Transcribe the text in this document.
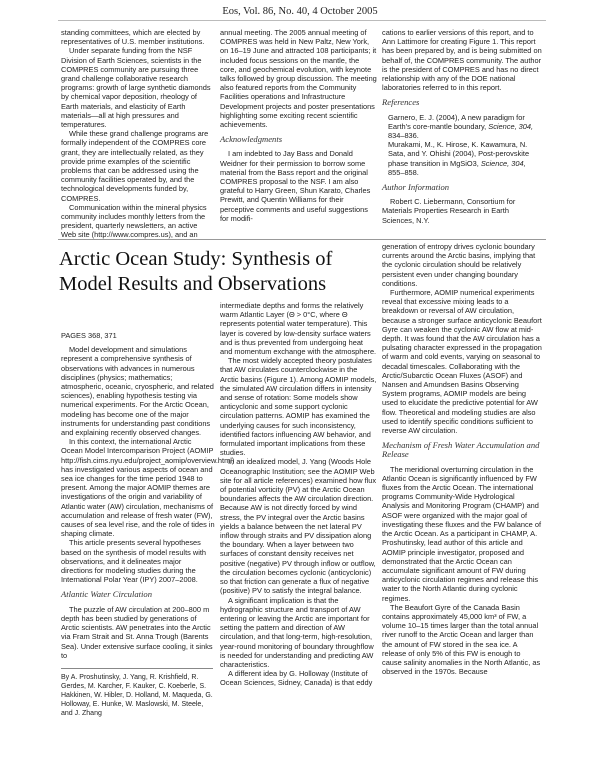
Eos, Vol. 86, No. 40, 4 October 2005

standing committees, which are elected by representatives of U.S. member institutions.

Under separate funding from the NSF Division of Earth Sciences, scientists in the COMPRES community are pursuing three grand challenge collaborative research programs: growth of large synthetic diamonds by chemical vapor deposition, rheology of Earth materials, and elasticity of Earth materials—all at high pressures and temperatures.

While these grand challenge programs are formally independent of the COMPRES core grant, they are intellectually related, as they provide prime examples of the scientific problems that can be addressed using the community facilities operated by, and the technological developments funded by, COMPRES.

Communication within the mineral physics community includes monthly letters from the president, quarterly newsletters, an active Web site (http://www.compres.us), and an

annual meeting. The 2005 annual meeting of COMPRES was held in New Paltz, New York, on 16–19 June and attracted 108 participants; it included focus sessions on the mantle, the core, and geochemical evolution, with keynote talks followed by group discussion. The meeting also featured reports from the Community Facilities operations and Infrastructure Development projects and poster presentations highlighting some exciting recent scientific achievements.

Acknowledgments

I am indebted to Jay Bass and Donald Weidner for their permission to borrow some material from the Bass report and the original COMPRES proposal to the NSF. I am also grateful to Harry Green, Shun Karato, Charles Prewitt, and Quentin Williams for their perceptive comments and useful suggestions for modifi-

cations to earlier versions of this report, and to Ann Lattimore for creating Figure 1. This report has been prepared by, and is being submitted on behalf of, the COMPRES community. The author is the president of COMPRES and has no direct relationship with any of the DOE national laboratories referred to in this report.

References

Garnero, E. J. (2004), A new paradigm for Earth's core-mantle boundary, Science, 304, 834–836.

Murakami, M., K. Hirose, K. Kawamura, N. Sata, and Y. Ohishi (2004), Post-perovskite phase transition in MgSiO3, Science, 304, 855–858.

Author Information

Robert C. Liebermann, Consortium for Materials Properties Research in Earth Sciences, N.Y.

Arctic Ocean Study: Synthesis of Model Results and Observations
PAGES 368, 371

Model development and simulations represent a comprehensive synthesis of observations with advances in numerous disciplines (physics; mathematics; atmospheric, oceanic, cryospheric, and related sciences), enabling hypothesis testing via numerical experiments. For the Arctic Ocean, modeling has become one of the major instruments for understanding past conditions and explaining recently observed changes.

In this context, the international Arctic Ocean Model Intercomparison Project (AOMIP http://fish.cims.nyu.edu/project_aomip/overview.html) has investigated various aspects of ocean and sea ice changes for the time period 1948 to present. Among the major AOMIP themes are investigations of the origin and variability of Atlantic water (AW) circulation, mechanisms of accumulation and release of fresh water (FW), causes of sea level rise, and the role of tides in shaping climate.

This article presents several hypotheses based on the synthesis of model results with observations, and it delineates major directions for modeling studies during the International Polar Year (IPY) 2007–2008.

Atlantic Water Circulation

The puzzle of AW circulation at 200–800 m depth has been studied by generations of Arctic scientists. AW penetrates into the Arctic via Fram Strait and St. Anna Trough (Barents Sea). Under extensive surface cooling, it sinks to

By A. Proshutinsky, J. Yang, R. Krishfield, R. Gerdes, M. Karcher, F. Kauker, C. Koeberle, S. Hakkinen, W. Hibler, D. Holland, M. Maqueda, G. Holloway, E. Hunke, W. Maslowski, M. Steele, and J. Zhang

intermediate depths and forms the relatively warm Atlantic Layer (Θ > 0°C, where Θ represents potential water temperature). This layer is covered by low-density surface waters and is thus prevented from undergoing heat and momentum exchange with the atmosphere.

The most widely accepted theory postulates that AW circulates counterclockwise in the Arctic basins (Figure 1). Among AOMIP models, the simulated AW circulation differs in intensity and sense of rotation: Some models show anticyclonic and some support cyclonic circulation patterns. AOMIP has examined the underlying causes for such inconsistency, identified factors influencing AW behavior, and formulated important implications from these studies.

In an idealized model, J. Yang (Woods Hole Oceanographic Institution; see the AOMIP Web site for all article references) examined how flux of potential vorticity (PV) at the Arctic Ocean boundaries affects the AW circulation direction. Because AW is not directly forced by wind stress, the PV integral over the Arctic basins yields a balance between the net lateral PV inflow through straits and PV dissipation along the boundary. When a layer between two surfaces of constant density receives net positive (negative) PV through inflow or outflow, the circulation becomes cyclonic (anticyclonic) so that friction can generate a flux of negative (positive) PV to satisfy the integral balance.

A significant implication is that the hydrographic structure and transport of AW entering or leaving the Arctic are important for setting the pattern and direction of AW circulation, and that long-term, high-resolution, year-round monitoring of boundary throughflow is needed for understanding and predicting AW characteristics.

A different idea by G. Holloway (Institute of Ocean Sciences, Sidney, Canada) is that eddy

generation of entropy drives cyclonic boundary currents around the Arctic basins, implying that the cyclonic circulation should be relatively persistent even under changing boundary conditions.

Furthermore, AOMIP numerical experiments reveal that excessive mixing leads to a breakdown or reversal of AW circulation, because a stronger surface anticyclonic Beaufort Gyre can weaken the cyclonic AW flow at mid-depth. It was found that the AW circulation has a pulsating character expressed in the propagation of warm and cold events, varying on seasonal to decadal timescales. Collaborating with the Arctic/Subarctic Ocean Fluxes (ASOF) and Nansen and Amundsen Basins Observing System programs, AOMIP models are being used to elucidate the predictive potential for AW flow. Theoretical and modeling studies are also used to identify specific conditions sufficient to reverse AW circulation.

Mechanism of Fresh Water Accumulation and Release

The meridional overturning circulation in the Atlantic Ocean is significantly influenced by FW fluxes from the Arctic Ocean. The international programs Community-Wide Hydrological Analysis and Monitoring Program (CHAMP) and ASOF were organized with the major goal of investigating these fluxes and the FW balance of the Arctic Ocean. As a participant in CHAMP, A. Proshutinsky, lead author of this article and AOMIP principle investigator, proposed and demonstrated that the Arctic Ocean can accumulate significant amount of FW during anticyclonic circulation regimes and release this water to the North Atlantic during cyclonic regimes.

The Beaufort Gyre of the Canada Basin contains approximately 45,000 km³ of FW, a volume 10–15 times larger than the total annual river runoff to the Arctic Ocean and larger than the amount of FW stored in the sea ice. A release of only 5% of this FW is enough to cause salinity anomalies in the North Atlantic, as observed in the 1970s. Because
